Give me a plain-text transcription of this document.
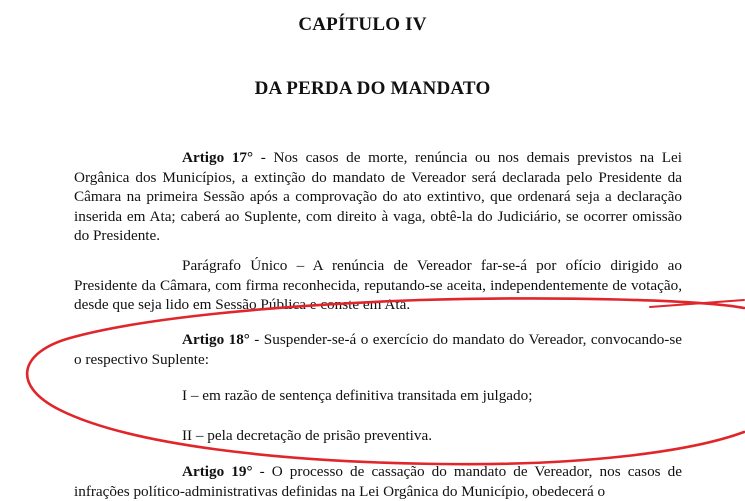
CAPÍTULO IV
DA PERDA DO MANDATO

Artigo 17° - Nos casos de morte, renúncia ou nos demais previstos na Lei Orgânica dos Municípios, a extinção do mandato de Vereador será declarada pelo Presidente da Câmara na primeira Sessão após a comprovação do ato extintivo, que ordenará seja a declaração inserida em Ata; caberá ao Suplente, com direito à vaga, obtê-la do Judiciário, se ocorrer omissão do Presidente.

Parágrafo Único – A renúncia de Vereador far-se-á por ofício dirigido ao Presidente da Câmara, com firma reconhecida, reputando-se aceita, independentemente de votação, desde que seja lido em Sessão Pública e conste em Ata.

Artigo 18° - Suspender-se-á o exercício do mandato do Vereador, convocando-se o respectivo Suplente:

I – em razão de sentença definitiva transitada em julgado;

II – pela decretação de prisão preventiva.

Artigo 19° - O processo de cassação do mandato de Vereador, nos casos de infrações político-administrativas definidas na Lei Orgânica do Município, obedecerá o
